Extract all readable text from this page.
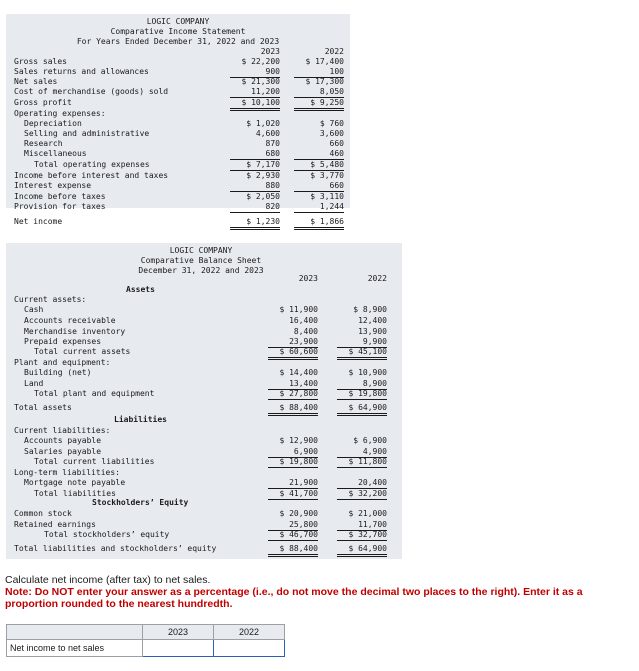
LOGIC COMPANY
Comparative Income Statement
For Years Ended December 31, 2022 and 2023
2023	2022
Gross sales	$ 22,200	$ 17,400
Sales returns and allowances	900	100
Net sales	$ 21,300	$ 17,300
Cost of merchandise (goods) sold	11,200	8,050
Gross profit	$ 10,100	$ 9,250
Operating expenses:
Depreciation	$ 1,020	$ 760
Selling and administrative	4,600	3,600
Research	870	660
Miscellaneous	680	460
Total operating expenses	$ 7,170	$ 5,480
Income before interest and taxes	$ 2,930	$ 3,770
Interest expense	880	660
Income before taxes	$ 2,050	$ 3,110
Provision for taxes	820	1,244
Net income	$ 1,230	$ 1,866
LOGIC COMPANY
Comparative Balance Sheet
December 31, 2022 and 2023
2023	2022
Assets
Liabilities
Stockholders’ Equity
Current assets:
Cash	$ 11,900	$ 8,900
Accounts receivable	16,400	12,400
Merchandise inventory	8,400	13,900
Prepaid expenses	23,900	9,900
Total current assets	$ 60,600	$ 45,100
Plant and equipment:
Building (net)	$ 14,400	$ 10,900
Land	13,400	8,900
Total plant and equipment	$ 27,800	$ 19,800
Total assets	$ 88,400	$ 64,900
Current liabilities:
Accounts payable	$ 12,900	$ 6,900
Salaries payable	6,900	4,900
Total current liabilities	$ 19,800	$ 11,800
Long-term liabilities:
Mortgage note payable	21,900	20,400
Total liabilities	$ 41,700	$ 32,200
Common stock	$ 20,900	$ 21,000
Retained earnings	25,800	11,700
Total stockholders’ equity	$ 46,700	$ 32,700
Total liabilities and stockholders’ equity	$ 88,400	$ 64,900
Calculate net income (after tax) to net sales.
Note: Do NOT enter your answer as a percentage (i.e., do not move the decimal two places to the right). Enter it as a proportion rounded to the nearest hundredth.
	2023	2022
Net income to net sales		
